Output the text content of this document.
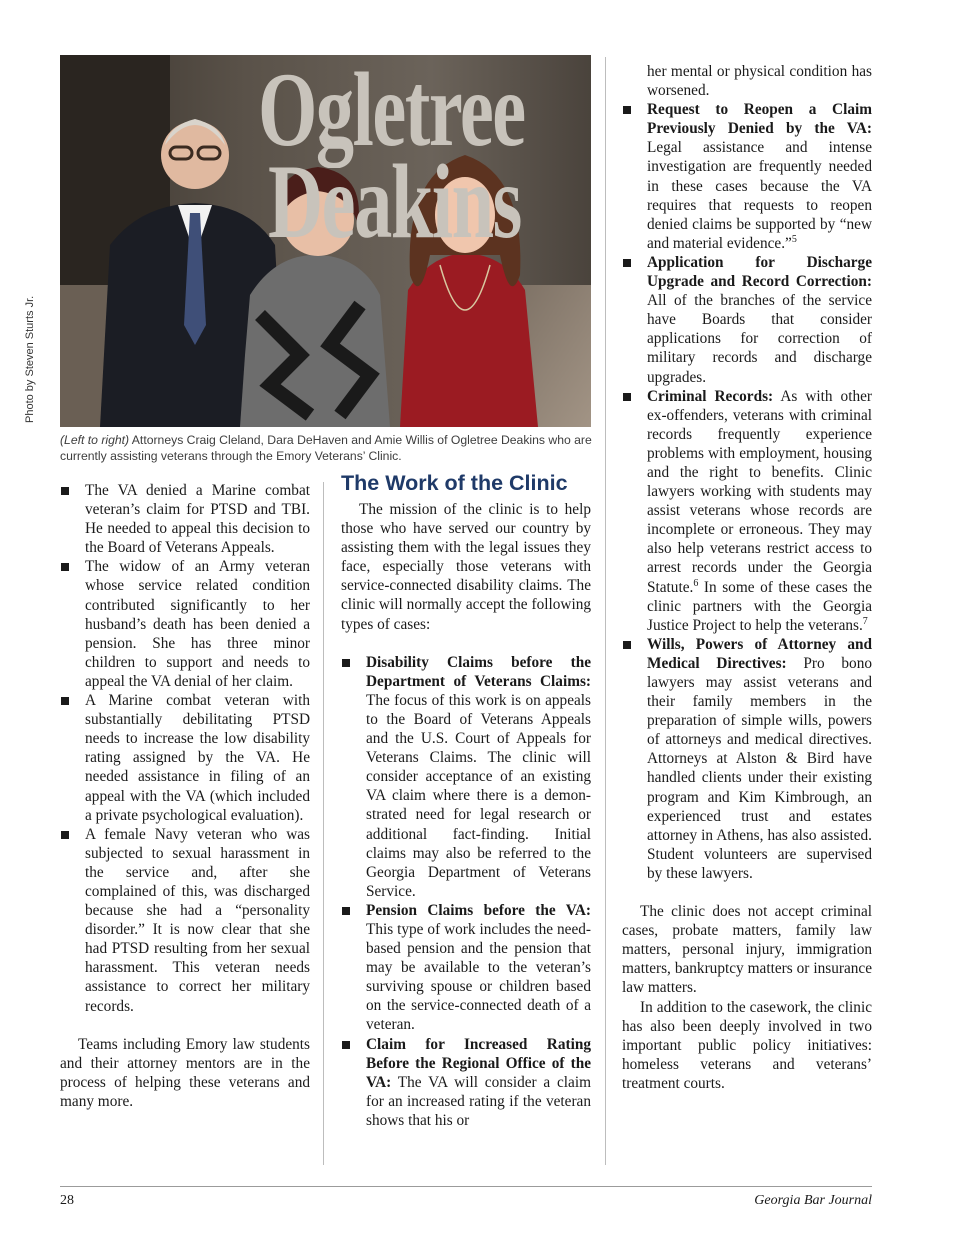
Ogletree
Deakins
Photo by Steven Sturts Jr.
(Left to right) Attorneys Craig Cleland, Dara DeHaven and Amie Willis of Ogletree Deakins who are currently assisting veterans through the Emory Veterans’ Clinic.
The VA denied a Marine combat veteran’s claim for PTSD and TBI. He needed to appeal this decision to the Board of Veterans Appeals.
The widow of an Army veteran whose service related condition contributed significantly to her husband’s death has been denied a pension. She has three minor children to support and needs to appeal the VA denial of her claim.
A Marine combat veteran with substantially debilitating PTSD needs to increase the low disability rating assigned by the VA. He needed assistance in filing of an appeal with the VA (which included a private psychological evaluation).
A female Navy veteran who was subjected to sexual harassment in the service and, after she complained of this, was discharged because she had a “personality disorder.” It is now clear that she had PTSD resulting from her sexual harassment. This veteran needs assistance to correct her military records.

Teams including Emory law students and their attorney mentors are in the process of helping these veterans and many more.

The Work of the Clinic

The mission of the clinic is to help those who have served our country by assisting them with the legal issues they face, especially those veterans with service-connected disability claims. The clinic will normally accept the following types of cases:

Disability Claims before the Department of Veterans Claims: The focus of this work is on appeals to the Board of Veterans Appeals and the U.S. Court of Appeals for Veterans Claims. The clinic will consider acceptance of an existing VA claim where there is a demonstrated need for legal research or additional fact-finding. Initial claims may also be referred to the Georgia Department of Veterans Service.
Pension Claims before the VA: This type of work includes the need-based pension and the pension that may be available to the veteran’s surviving spouse or children based on the service-connected death of a veteran.
Claim for Increased Rating Before the Regional Office of the VA: The VA will consider a claim for an increased rating if the veteran shows that his or
her mental or physical condition has worsened.
Request to Reopen a Claim Previously Denied by the VA: Legal assistance and intense investigation are frequently needed in these cases because the VA requires that requests to reopen denied claims be supported by “new and material evidence.”$^5$
Application for Discharge Upgrade and Record Correction: All of the branches of the service have Boards that consider applications for correction of military records and discharge upgrades.
Criminal Records: As with other ex-offenders, veterans with criminal records frequently experience problems with employment, housing and the right to benefits. Clinic lawyers working with students may assist veterans whose records are incomplete or erroneous. They may also help veterans restrict access to arrest records under the Georgia Statute.$^6$ In some of these cases the clinic partners with the Georgia Justice Project to help the veterans.$^7$
Wills, Powers of Attorney and Medical Directives: Pro bono lawyers may assist veterans and their family members in the preparation of simple wills, powers of attorneys and medical directives. Attorneys at Alston & Bird have handled clients under their existing program and Kim Kimbrough, an experienced trust and estates attorney in Athens, has also assisted. Student volunteers are supervised by these lawyers.

The clinic does not accept criminal cases, probate matters, family law matters, personal injury, immigration matters, bankruptcy matters or insurance law matters.

In addition to the casework, the clinic has also been deeply involved in two important public policy initiatives: homeless veterans and veterans’ treatment courts.

28	Georgia Bar Journal
